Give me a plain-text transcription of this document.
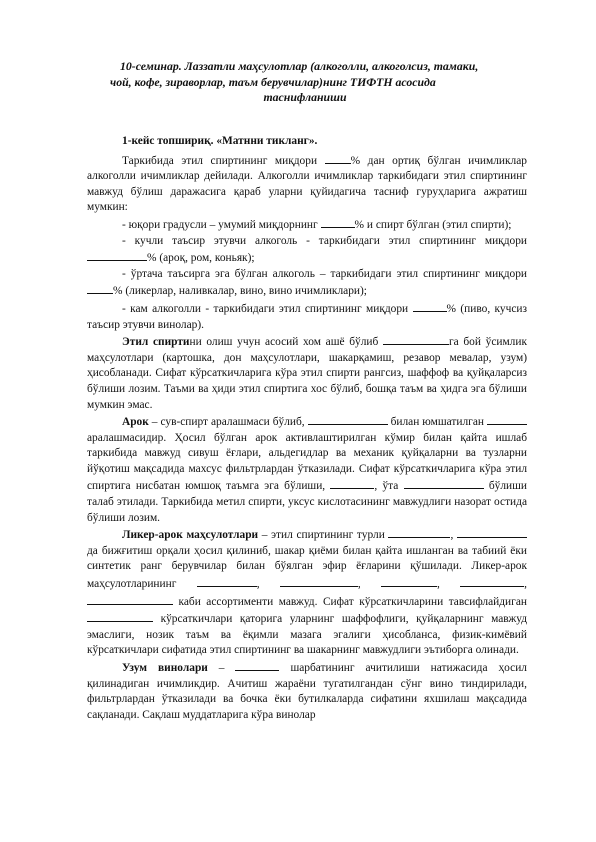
10-семинар. Лаззатли маҳсулотлар (алкоголли, алкоголсиз, тамаки,
чой, кофе, зираворлар, таъм берувчилар)нинг ТИФТН асосида
таснифланиши

1-кейс топшириқ. «Матнни тикланг».

Таркибида этил спиртининг миқдори	% дан ортиқ бўлган ичимликлар алкоголли ичимликлар дейилади. Алкоголли ичимликлар таркибидаги этил спиртининг мавжуд бўлиш даражасига қараб уларни қуйидагича тасниф гуруҳларига ажратиш мумкин:

- юқори градусли – умумий миқдорнинг	% и спирт бўлган (этил спирти);

- кучли таъсир этувчи алкоголь - таркибидаги этил спиртининг миқдори % (ароқ, ром, коньяк);

- ўртача таъсирга эга бўлган алкоголь – таркибидаги этил спиртининг миқдори % (ликерлар, наливкалар, вино, вино ичимликлари);

- кам алкоголли - таркибидаги этил спиртининг миқдори	% (пиво, кучсиз таъсир этувчи винолар).

Этил спиртини олиш учун асосий хом ашё бўлиб	га бой ўсимлик маҳсулотлари (картошка, дон маҳсулотлари, шакарқамиш, резавор мевалар, узум) ҳисобланади. Сифат кўрсаткичларига кўра этил спирти рангсиз, шаффоф ва қуйқаларсиз бўлиши лозим. Таъми ва ҳиди этил спиртига хос бўлиб, бошқа таъм ва ҳидга эга бўлиши мумкин эмас.

Арок – сув-спирт аралашмаси бўлиб,	билан юмшатилган  аралашмасидир. Ҳосил бўлган арок активлаштирилган кўмир билан қайта ишлаб таркибида мавжуд сивуш ёғлари, альдегидлар ва механик қуйқаларни ва тузларни йўқотиш мақсадида махсус фильтрлардан ўтказилади. Сифат кўрсаткичларига кўра этил спиртига нисбатан юмшоқ таъмга эга бўлиши,	, ўта	бўлиши талаб этилади. Таркибида метил спирти, уксус кислотасининг мавжудлиги назорат остида бўлиши лозим.

Ликер-арок маҳсулотлари – этил спиртининг турли	, да бижғитиш орқали ҳосил қилиниб, шакар қиёми билан қайта ишланган ва табиий ёки синтетик ранг берувчилар билан бўялган эфир ёғларини қўшилади. Ликер-арок маҳсулотларининг	,	,	,	,  каби ассортименти мавжуд. Сифат кўрсаткичларини тавсифлайдиган  кўрсаткичлари қаторига уларнинг шаффофлиги, қуйқаларнинг мавжуд эмаслиги, нозик таъм ва ёқимли мазага эгалиги ҳисобланса, физик-кимёвий кўрсаткичлари сифатида этил спиртининг ва шакарнинг мавжудлиги эътиборга олинади.

Узум винолари –	шарбатининг ачитилиши натижасида ҳосил қилинадиган ичимликдир. Ачитиш жараёни тугатилгандан сўнг вино тиндирилади, фильтрлардан ўтказилади ва бочка ёки бутилкаларда сифатини яхшилаш мақсадида сақланади. Сақлаш муддатларига кўра винолар
